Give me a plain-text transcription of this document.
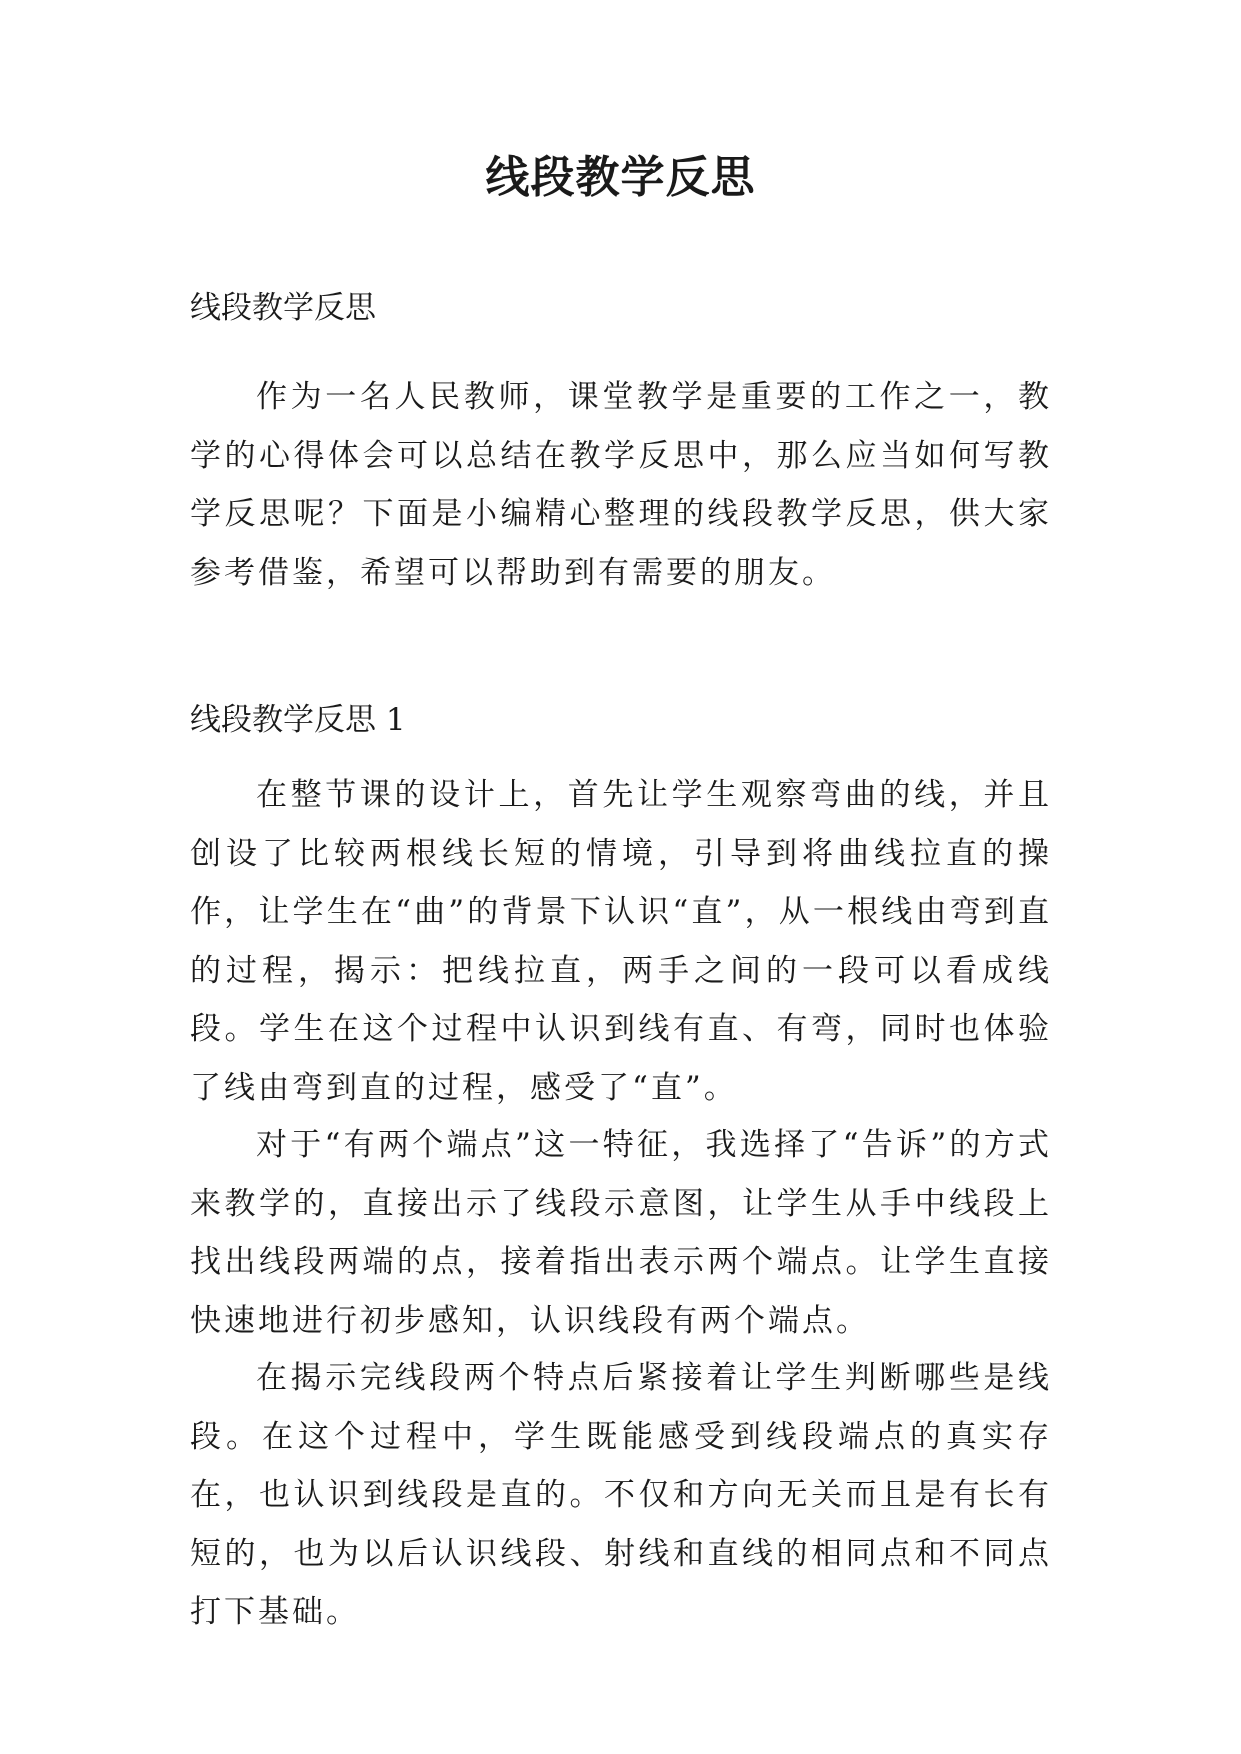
线段教学反思

线段教学反思

作为一名人民教师，课堂教学是重要的工作之一，教学的心得体会可以总结在教学反思中，那么应当如何写教学反思呢？下面是小编精心整理的线段教学反思，供大家参考借鉴，希望可以帮助到有需要的朋友。

线段教学反思 1

在整节课的设计上，首先让学生观察弯曲的线，并且创设了比较两根线长短的情境，引导到将曲线拉直的操作，让学生在“曲”的背景下认识“直”，从一根线由弯到直的过程，揭示：把线拉直，两手之间的一段可以看成线段。学生在这个过程中认识到线有直、有弯，同时也体验了线由弯到直的过程，感受了“直”。

对于“有两个端点”这一特征，我选择了“告诉”的方式来教学的，直接出示了线段示意图，让学生从手中线段上找出线段两端的点，接着指出表示两个端点。让学生直接快速地进行初步感知，认识线段有两个端点。

在揭示完线段两个特点后紧接着让学生判断哪些是线段。在这个过程中，学生既能感受到线段端点的真实存在，也认识到线段是直的。不仅和方向无关而且是有长有短的，也为以后认识线段、射线和直线的相同点和不同点打下基础。
